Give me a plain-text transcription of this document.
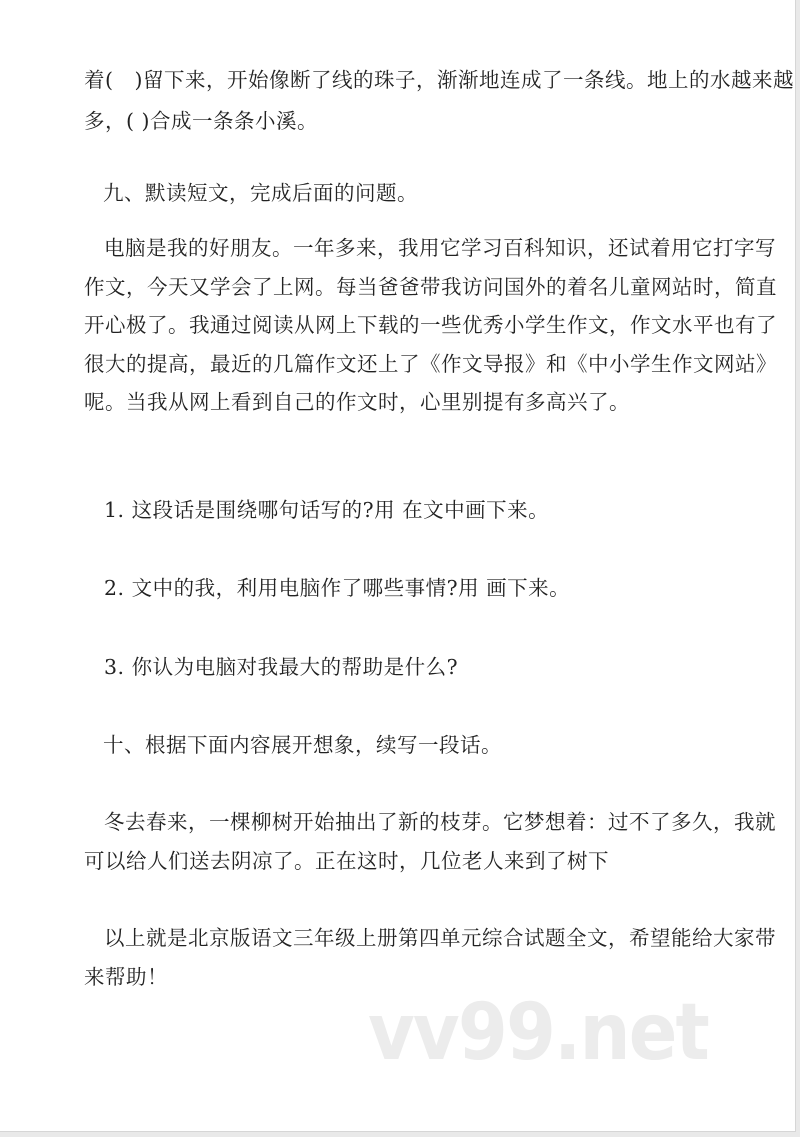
着(　)留下来，开始像断了线的珠子，渐渐地连成了一条线。地上的水越来越
多，( )合成一条条小溪。
九、默读短文，完成后面的问题。
电脑是我的好朋友。一年多来，我用它学习百科知识，还试着用它打字写
作文，今天又学会了上网。每当爸爸带我访问国外的着名儿童网站时，简直
开心极了。我通过阅读从网上下载的一些优秀小学生作文，作文水平也有了
很大的提高，最近的几篇作文还上了《作文导报》和《中小学生作文网站》
呢。当我从网上看到自己的作文时，心里别提有多高兴了。
1. 这段话是围绕哪句话写的?用 在文中画下来。
2. 文中的我，利用电脑作了哪些事情?用 画下来。
3. 你认为电脑对我最大的帮助是什么?
十、根据下面内容展开想象，续写一段话。
冬去春来，一棵柳树开始抽出了新的枝芽。它梦想着：过不了多久，我就
可以给人们送去阴凉了。正在这时，几位老人来到了树下
以上就是北京版语文三年级上册第四单元综合试题全文，希望能给大家带
来帮助！
vv99.net
